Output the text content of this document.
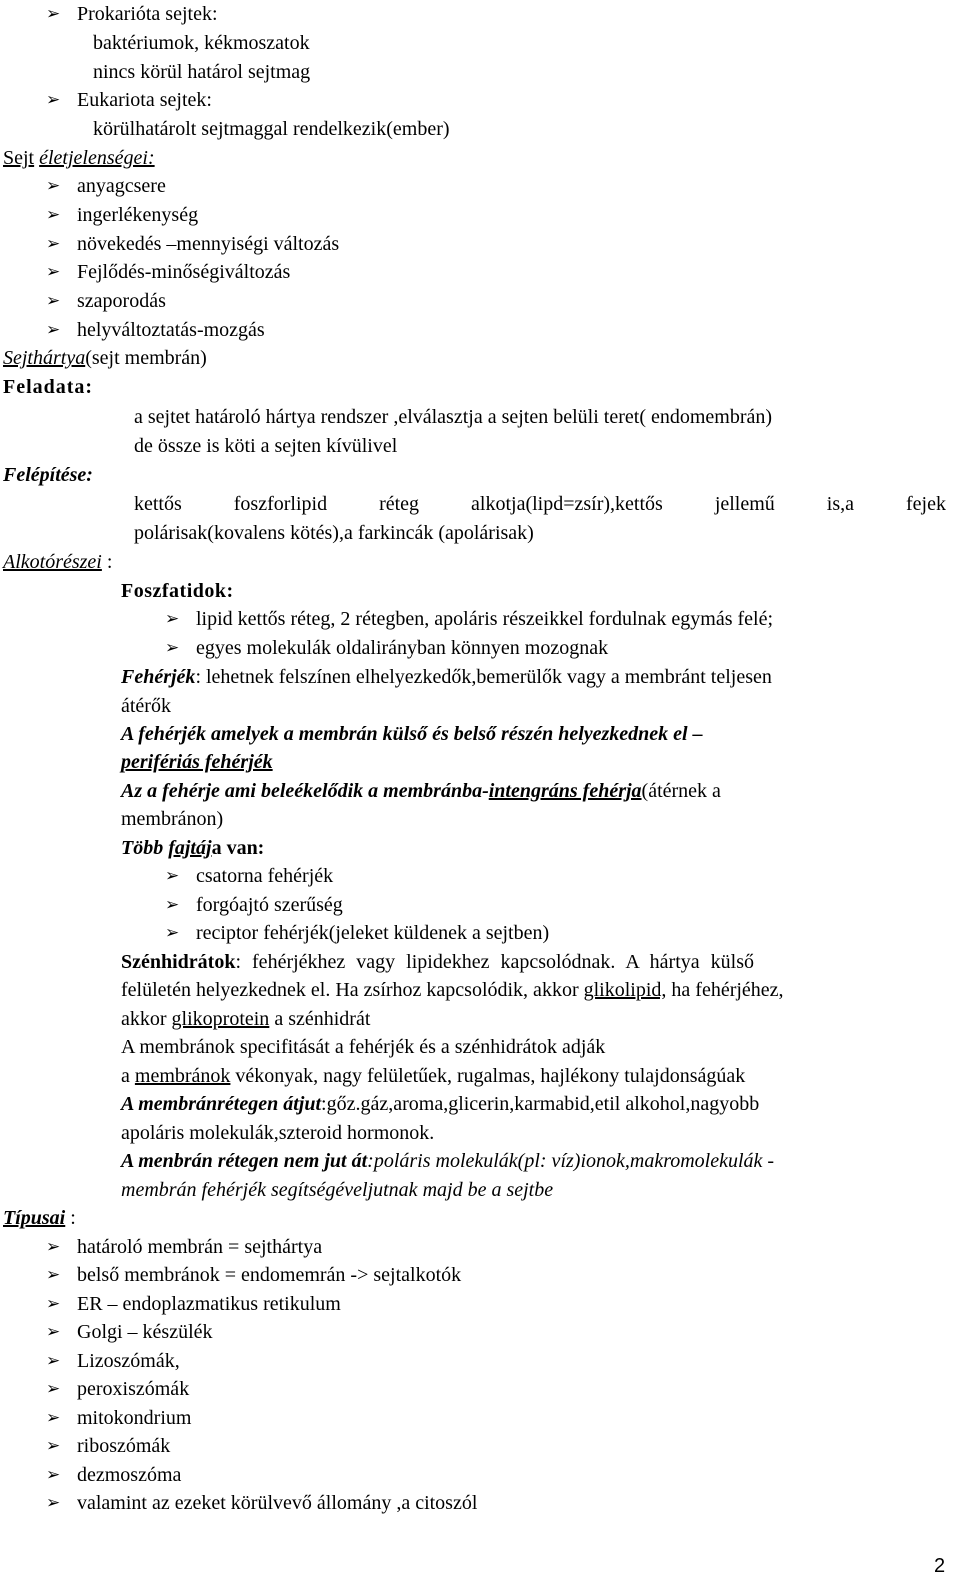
➢ Prokarióta sejtek:
baktériumok, kékmoszatok
nincs körül határol sejtmag
➢ Eukariota sejtek:
körülhatárolt sejtmaggal rendelkezik(ember)
Sejt életjelenségei:
➢ anyagcsere
➢ ingerlékenység
➢ növekedés –mennyiségi változás
➢ Fejlődés-minőségiváltozás
➢ szaporodás
➢ helyváltoztatás-mozgás
Sejthártya(sejt membrán)
Feladata:
a sejtet határoló hártya rendszer ,elválasztja a sejten belüli teret( endomembrán)
de össze is köti a sejten kívülivel
Felépítése:
kettős	foszforlipid	réteg	alkotja(lipd=zsír),kettős	jellemű	is,a	fejek
polárisak(kovalens kötés),a farkincák (apolárisak)
Alkotórészei :
Foszfatidok:
➢ lipid kettős réteg, 2 rétegben, apoláris részeikkel fordulnak egymás felé;
➢ egyes molekulák oldalirányban könnyen mozognak
Fehérjék: lehetnek felszínen elhelyezkedők,bemerülők vagy a membránt teljesen
átérők
A fehérjék amelyek a membrán külső és belső részén helyezkednek el –
perifériás fehérjék
Az a fehérje ami beleékelődik a membránba-intengráns fehérja(átérnek a
membránon)
Több fajtája van:
➢ csatorna fehérjék
➢ forgóajtó szerűség
➢ reciptor fehérjék(jeleket küldenek a sejtben)
Szénhidrátok: fehérjékhez vagy lipidekhez kapcsolódnak. A hártya külső
felületén helyezkednek el. Ha zsírhoz kapcsolódik, akkor glikolipid, ha fehérjéhez,
akkor glikoprotein a szénhidrát
A membránok specifitását a fehérjék és a szénhidrátok adják
a membránok vékonyak, nagy felületűek, rugalmas, hajlékony tulajdonságúak
A membránrétegen átjut:gőz.gáz,aroma,glicerin,karmabid,etil alkohol,nagyobb
apoláris molekulák,szteroid hormonok.
A menbrán rétegen nem jut át:poláris molekulák(pl: víz)ionok,makromolekulák -
membrán fehérjék segítségéveljutnak majd be a sejtbe
Típusai :
➢ határoló membrán = sejthártya
➢ belső membránok = endomemrán -> sejtalkotók
➢ ER – endoplazmatikus retikulum
➢ Golgi – készülék
➢ Lizoszómák,
➢ peroxiszómák
➢ mitokondrium
➢ riboszómák
➢ dezmoszóma
➢ valamint az ezeket körülvevő állomány ,a citoszól
2
